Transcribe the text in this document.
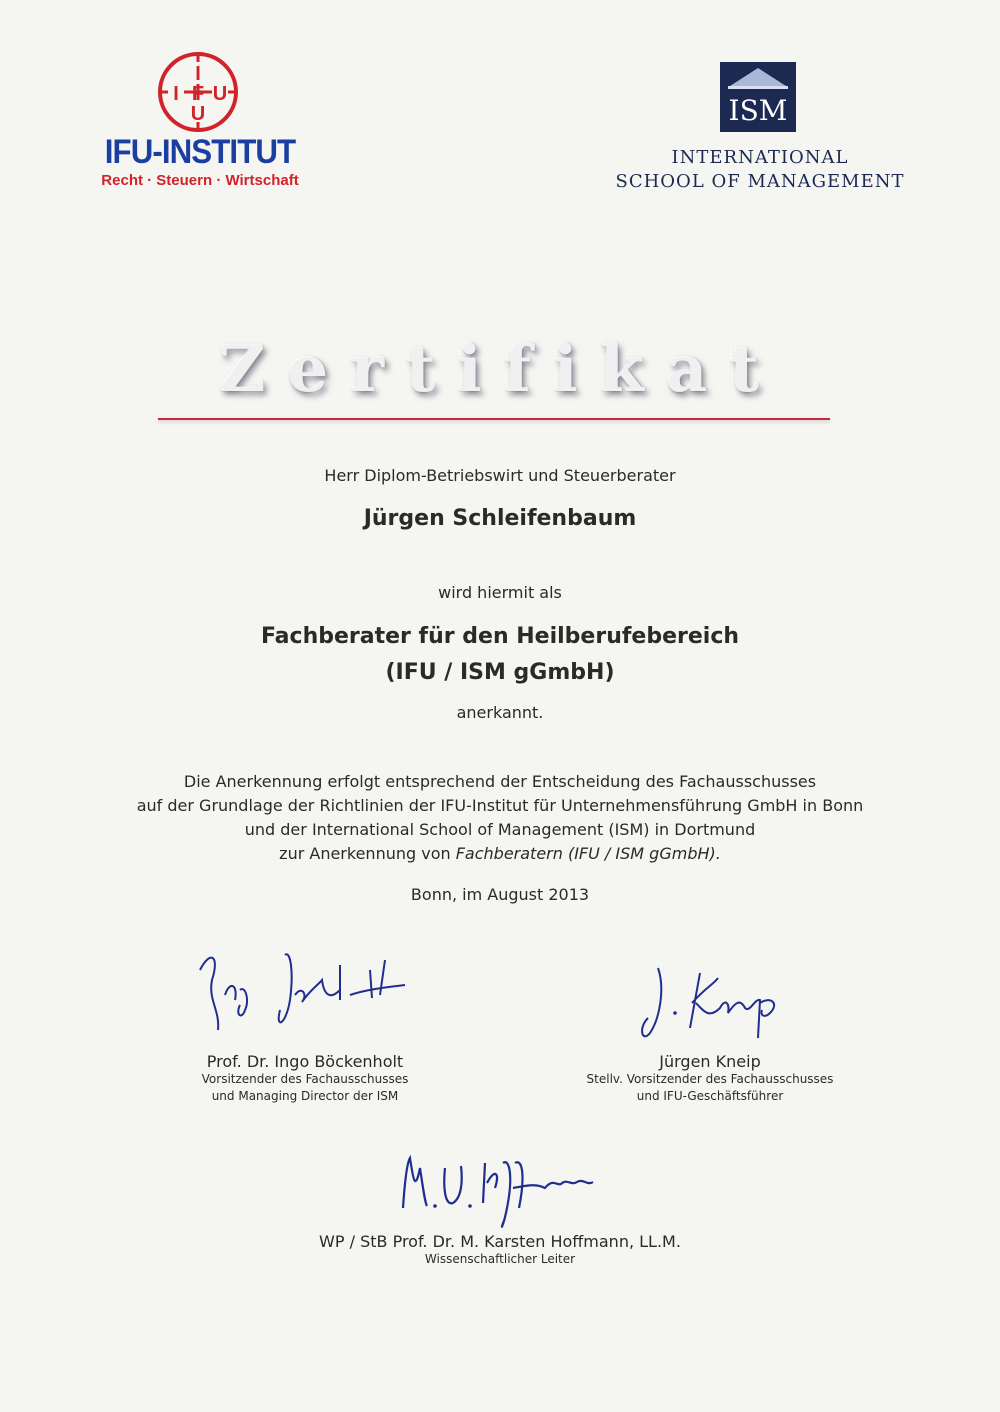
I
I F U
U
IFU-INSTITUT
Recht · Steuern · Wirtschaft
ISM
INTERNATIONAL
SCHOOL OF MANAGEMENT
Zertifikat
Herr Diplom-Betriebswirt und Steuerberater
Jürgen Schleifenbaum
wird hiermit als
Fachberater für den Heilberufebereich
(IFU / ISM gGmbH)
anerkannt.
Die Anerkennung erfolgt entsprechend der Entscheidung des Fachausschusses
auf der Grundlage der Richtlinien der IFU-Institut für Unternehmensführung GmbH in Bonn
und der International School of Management (ISM) in Dortmund
zur Anerkennung von Fachberatern (IFU / ISM gGmbH).
Bonn, im August 2013
Prof. Dr. Ingo Böckenholt
Vorsitzender des Fachausschusses
und Managing Director der ISM
Jürgen Kneip
Stellv. Vorsitzender des Fachausschusses
und IFU-Geschäftsführer
WP / StB Prof. Dr. M. Karsten Hoffmann, LL.M.
Wissenschaftlicher Leiter
